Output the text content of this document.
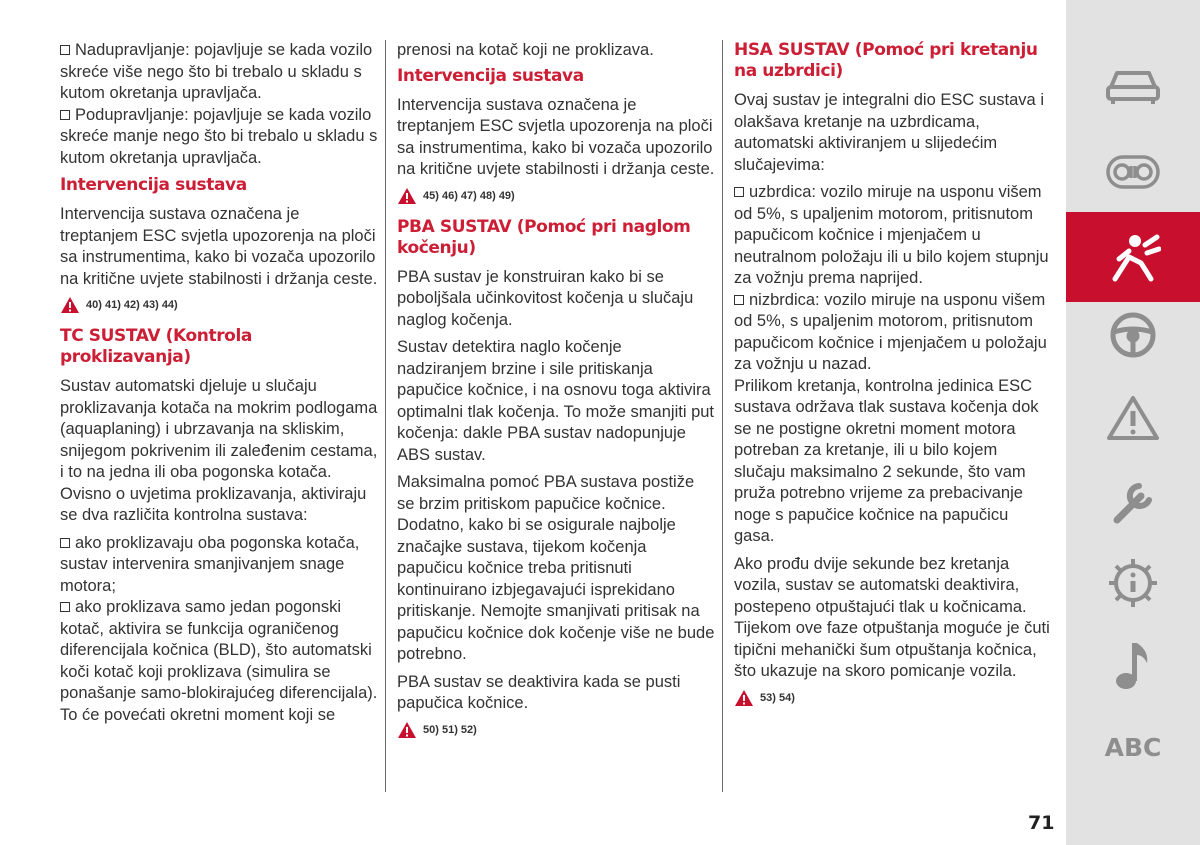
Nadupravljanje: pojavljuje se kada vozilo skreće više nego što bi trebalo u skladu s kutom okretanja upravljača.

Podupravljanje: pojavljuje se kada vozilo skreće manje nego što bi trebalo u skladu s kutom okretanja upravljača.

Intervencija sustava

Intervencija sustava označena je treptanjem ESC svjetla upozorenja na ploči sa instrumentima, kako bi vozača upozorilo na kritične uvjete stabilnosti i držanja ceste.

40) 41) 42) 43) 44)
TC SUSTAV (Kontrola proklizavanja)

Sustav automatski djeluje u slučaju proklizavanja kotača na mokrim podlogama (aquaplaning) i ubrzavanja na skliskim, snijegom pokrivenim ili zaleđenim cestama, i to na jedna ili oba pogonska kotača. Ovisno o uvjetima proklizavanja, aktiviraju se dva različita kontrolna sustava:

ako proklizavaju oba pogonska kotača, sustav intervenira smanjivanjem snage motora;

ako proklizava samo jedan pogonski kotač, aktivira se funkcija ograničenog diferencijala kočnica (BLD), što automatski koči kotač koji proklizava (simulira se ponašanje samo-blokirajućeg diferencijala). To će povećati okretni moment koji se

prenosi na kotač koji ne proklizava.

Intervencija sustava

Intervencija sustava označena je treptanjem ESC svjetla upozorenja na ploči sa instrumentima, kako bi vozača upozorilo na kritične uvjete stabilnosti i držanja ceste.

45) 46) 47) 48) 49)
PBA SUSTAV (Pomoć pri naglom kočenju)

PBA sustav je konstruiran kako bi se poboljšala učinkovitost kočenja u slučaju naglog kočenja.

Sustav detektira naglo kočenje nadziranjem brzine i sile pritiskanja papučice kočnice, i na osnovu toga aktivira optimalni tlak kočenja. To može smanjiti put kočenja: dakle PBA sustav nadopunjuje ABS sustav.

Maksimalna pomoć PBA sustava postiže se brzim pritiskom papučice kočnice. Dodatno, kako bi se osigurale najbolje značajke sustava, tijekom kočenja papučicu kočnice treba pritisnuti kontinuirano izbjegavajući isprekidano pritiskanje. Nemojte smanjivati pritisak na papučicu kočnice dok kočenje više ne bude potrebno.

PBA sustav se deaktivira kada se pusti papučica kočnice.

50) 51) 52)
HSA SUSTAV (Pomoć pri kretanju na uzbrdici)

Ovaj sustav je integralni dio ESC sustava i olakšava kretanje na uzbrdicama, automatski aktiviranjem u slijedećim slučajevima:

uzbrdica: vozilo miruje na usponu višem od 5%, s upaljenim motorom, pritisnutom papučicom kočnice i mjenjačem u neutralnom položaju ili u bilo kojem stupnju za vožnju prema naprijed.

nizbrdica: vozilo miruje na usponu višem od 5%, s upaljenim motorom, pritisnutom papučicom kočnice i mjenjačem u položaju za vožnju u nazad.

Prilikom kretanja, kontrolna jedinica ESC sustava održava tlak sustava kočenja dok se ne postigne okretni moment motora potreban za kretanje, ili u bilo kojem slučaju maksimalno 2 sekunde, što vam pruža potrebno vrijeme za prebacivanje noge s papučice kočnice na papučicu gasa.

Ako prođu dvije sekunde bez kretanja vozila, sustav se automatski deaktivira, postepeno otpuštajući tlak u kočnicama. Tijekom ove faze otpuštanja moguće je čuti tipični mehanički šum otpuštanja kočnica, što ukazuje na skoro pomicanje vozila.

53) 54)
ABC
71
